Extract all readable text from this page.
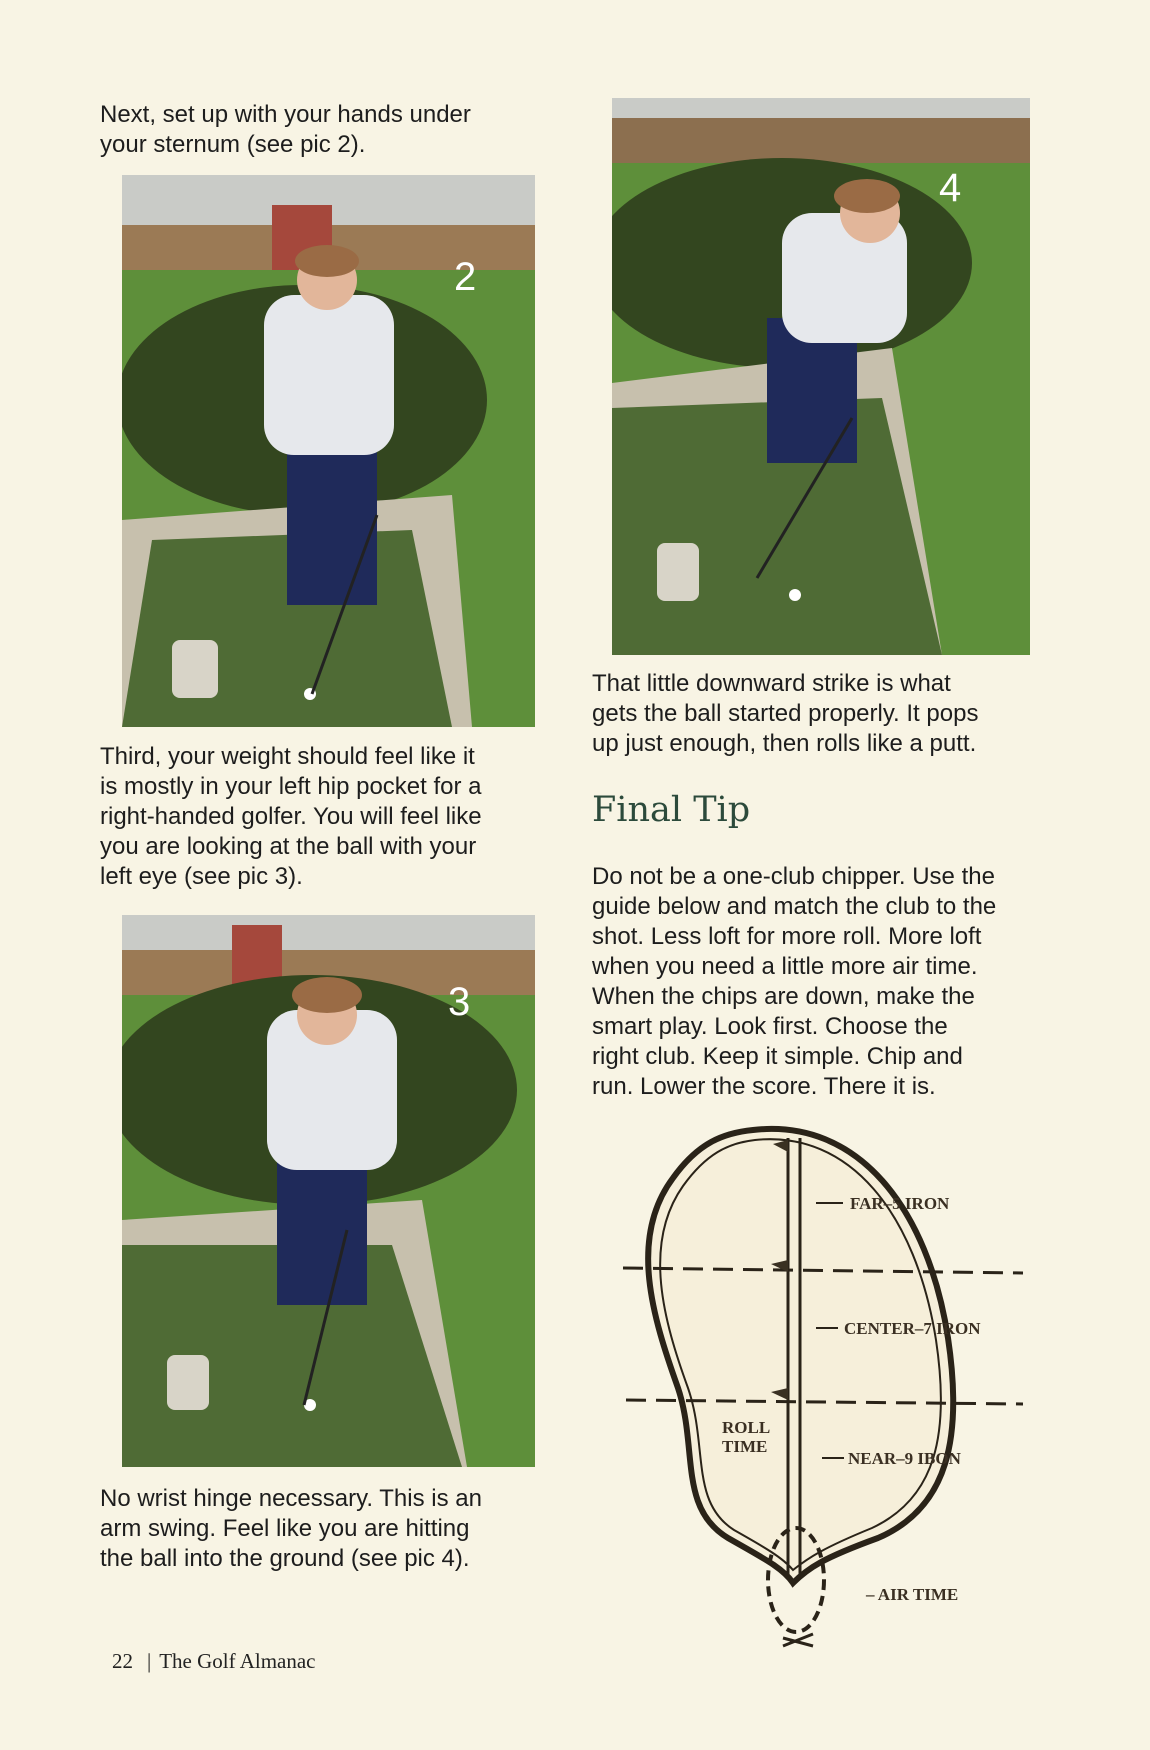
Next, set up with your hands under
your sternum (see pic 2).

2

Third, your weight should feel like it
is mostly in your left hip pocket for a
right-handed golfer. You will feel like
you are looking at the ball with your
left eye (see pic 3).

3

No wrist hinge necessary. This is an
arm swing. Feel like you are hitting
the ball into the ground (see pic 4).

4

That little downward strike is what
gets the ball started properly. It pops
up just enough, then rolls like a putt.

Final Tip

Do not be a one-club chipper. Use the
guide below and match the club to the
shot. Less loft for more roll. More loft
when you need a little more air time.
When the chips are down, make the
smart play. Look first. Choose the
right club. Keep it simple. Chip and
run. Lower the score. There it is.

FAR–5 IRON
CENTER–7 IRON
NEAR–9 IBON
ROLL
TIME
– AIR TIME
22 | The Golf Almanac
